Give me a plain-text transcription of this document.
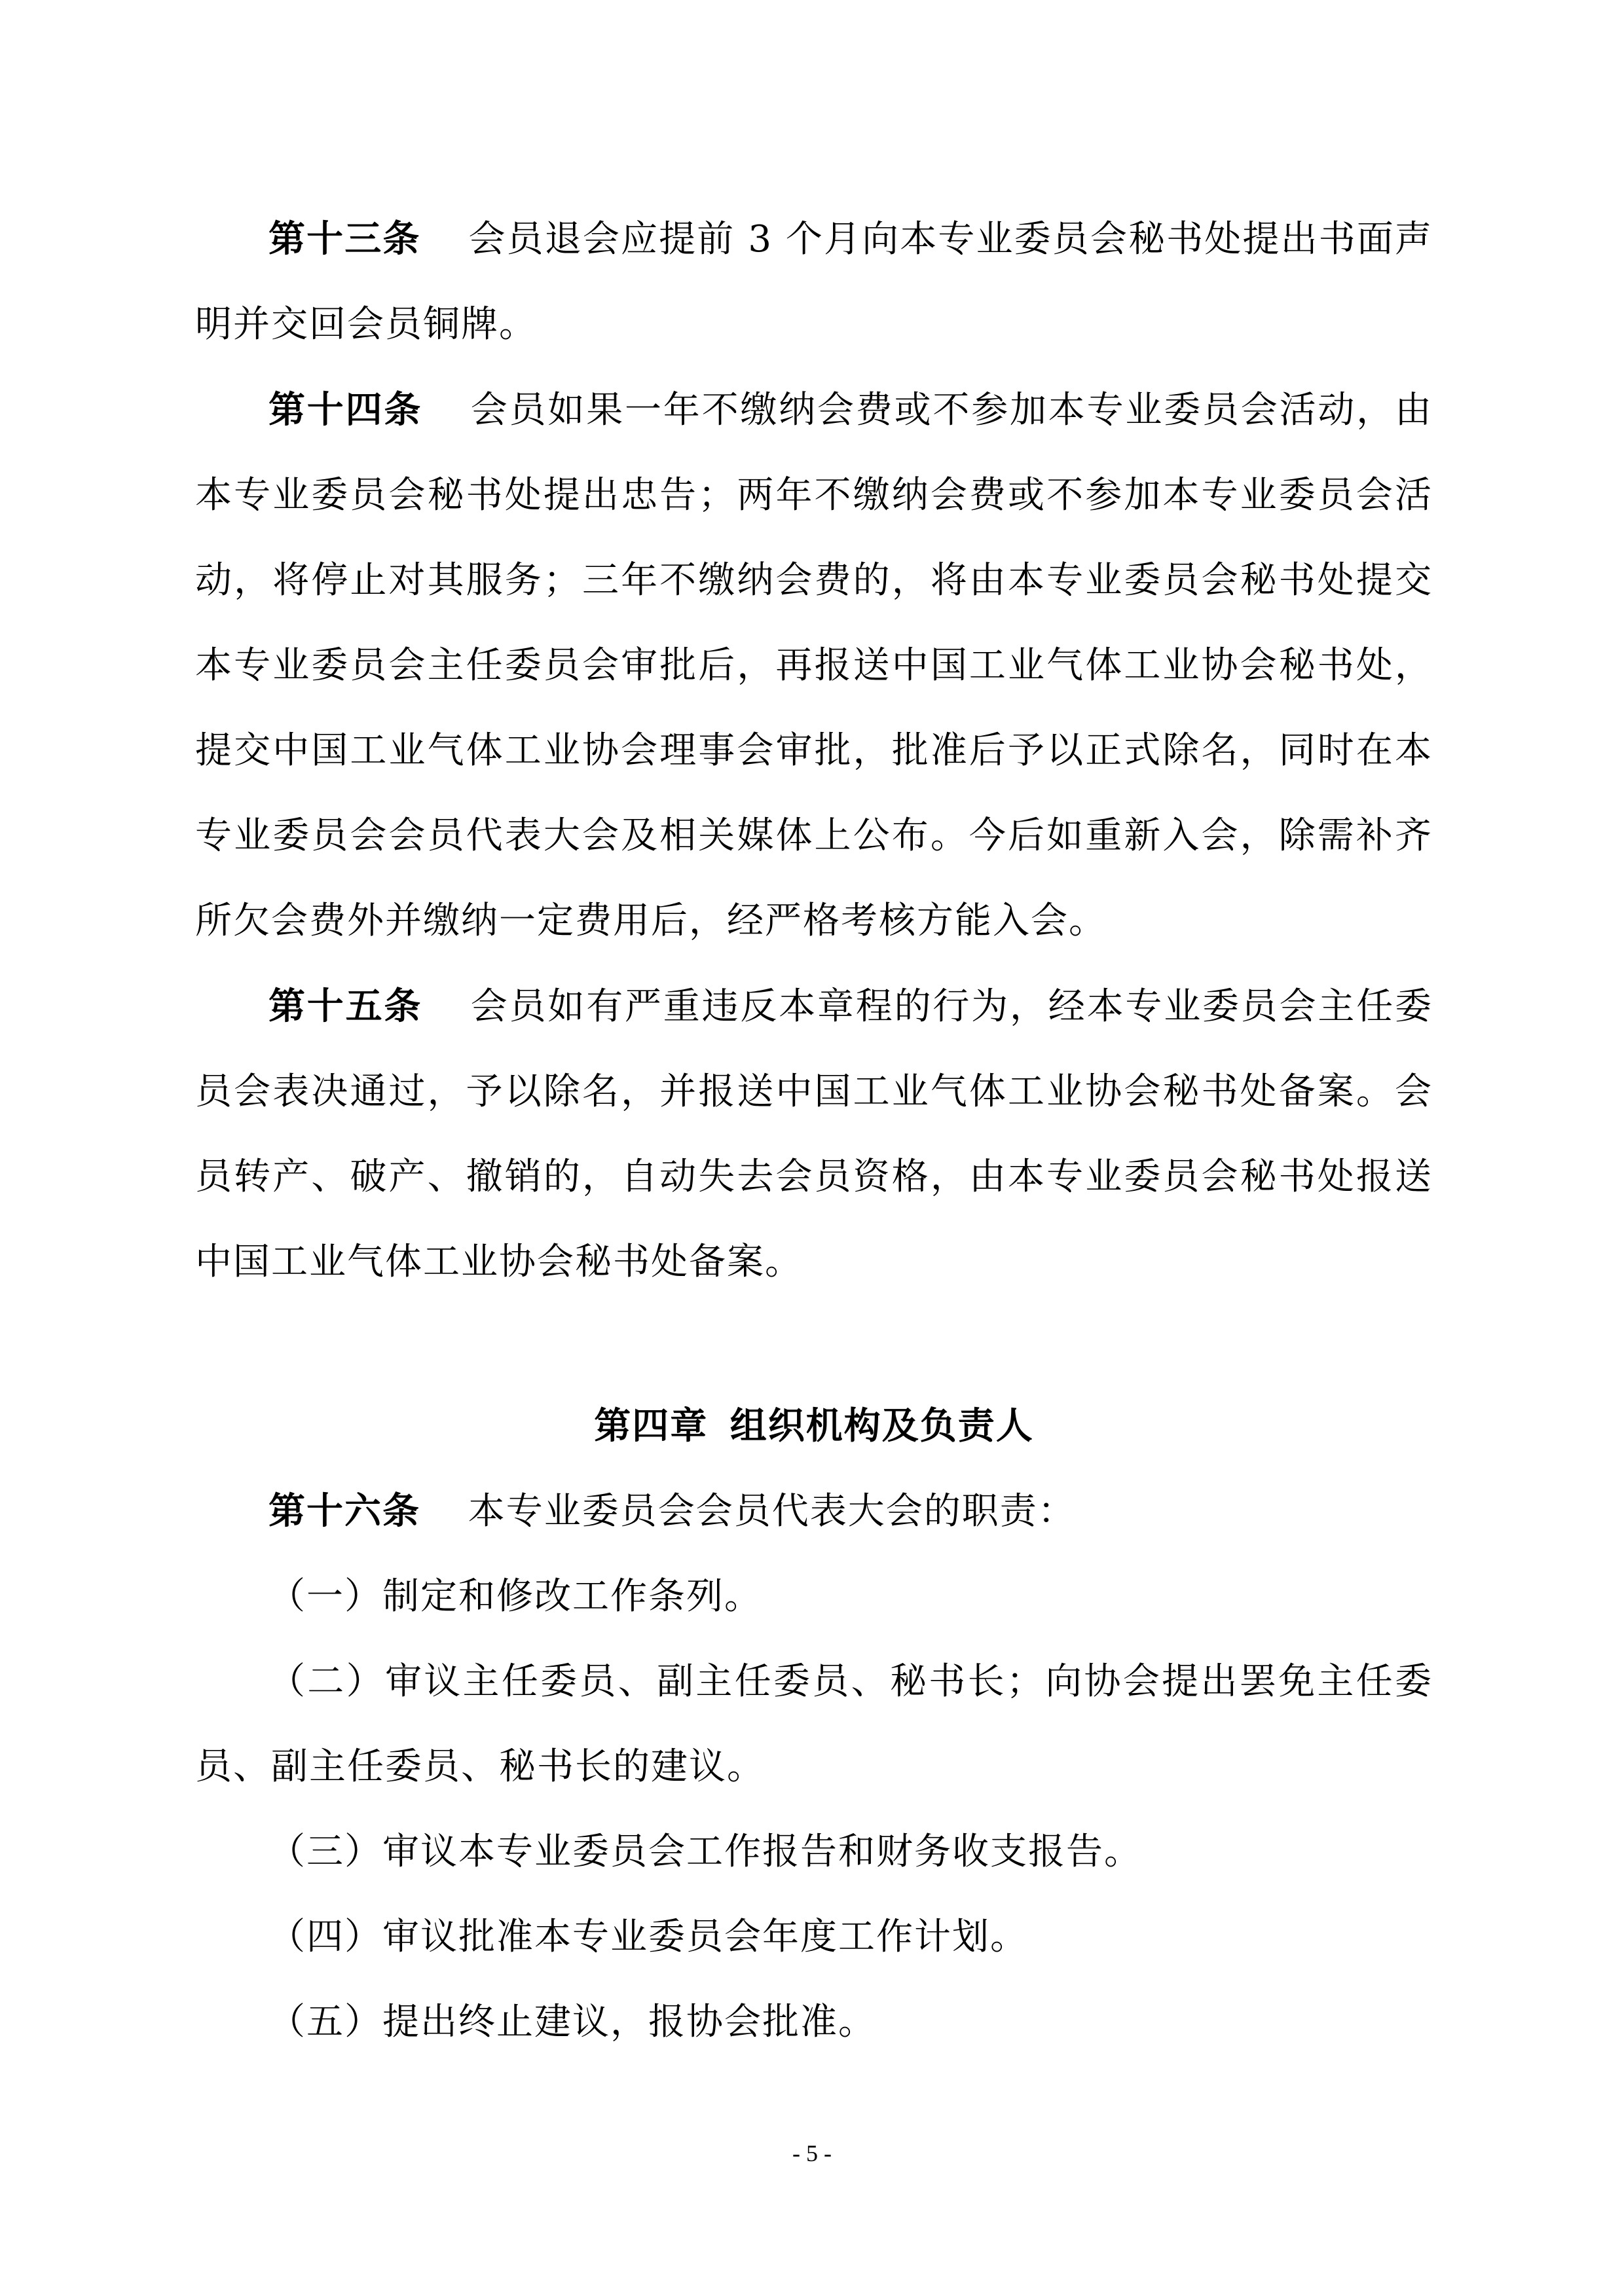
第十三条 会员退会应提前 3 个月向本专业委员会秘书处提出书面声明并交回会员铜牌。

第十四条 会员如果一年不缴纳会费或不参加本专业委员会活动，由本专业委员会秘书处提出忠告；两年不缴纳会费或不参加本专业委员会活动，将停止对其服务；三年不缴纳会费的，将由本专业委员会秘书处提交本专业委员会主任委员会审批后，再报送中国工业气体工业协会秘书处，提交中国工业气体工业协会理事会审批，批准后予以正式除名，同时在本专业委员会会员代表大会及相关媒体上公布。今后如重新入会，除需补齐所欠会费外并缴纳一定费用后，经严格考核方能入会。

第十五条 会员如有严重违反本章程的行为，经本专业委员会主任委员会表决通过，予以除名，并报送中国工业气体工业协会秘书处备案。会员转产、破产、撤销的，自动失去会员资格，由本专业委员会秘书处报送中国工业气体工业协会秘书处备案。

第四章 组织机构及负责人

第十六条 本专业委员会会员代表大会的职责：

（一）制定和修改工作条列。

（二）审议主任委员、副主任委员、秘书长；向协会提出罢免主任委员、副主任委员、秘书长的建议。

（三）审议本专业委员会工作报告和财务收支报告。

（四）审议批准本专业委员会年度工作计划。

（五）提出终止建议，报协会批准。

- 5 -
